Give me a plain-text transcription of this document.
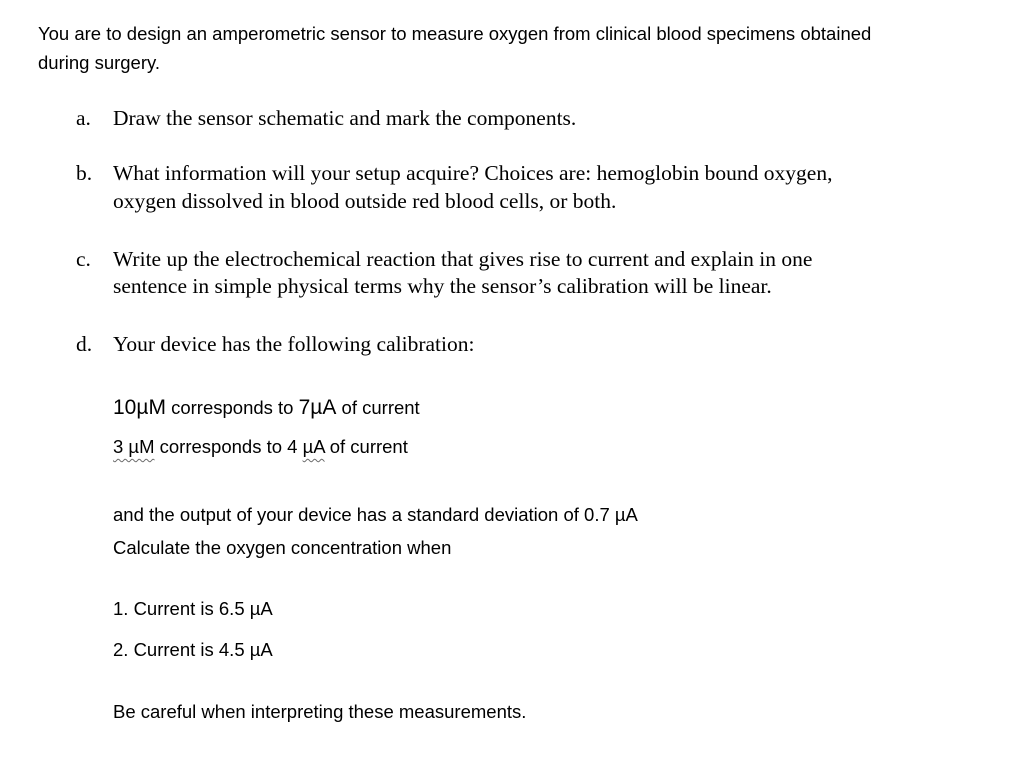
You are to design an amperometric sensor to measure oxygen from clinical blood specimens obtained
during surgery.
a. Draw the sensor schematic and mark the components.
b. What information will your setup acquire? Choices are: hemoglobin bound oxygen,
oxygen dissolved in blood outside red blood cells, or both.
c. Write up the electrochemical reaction that gives rise to current and explain in one
sentence in simple physical terms why the sensor’s calibration will be linear.
d. Your device has the following calibration:
10µM corresponds to 7µA of current
3 µM corresponds to 4 µA of current
and the output of your device has a standard deviation of 0.7 µA
Calculate the oxygen concentration when
1. Current is 6.5 µA
2. Current is 4.5 µA
Be careful when interpreting these measurements.
